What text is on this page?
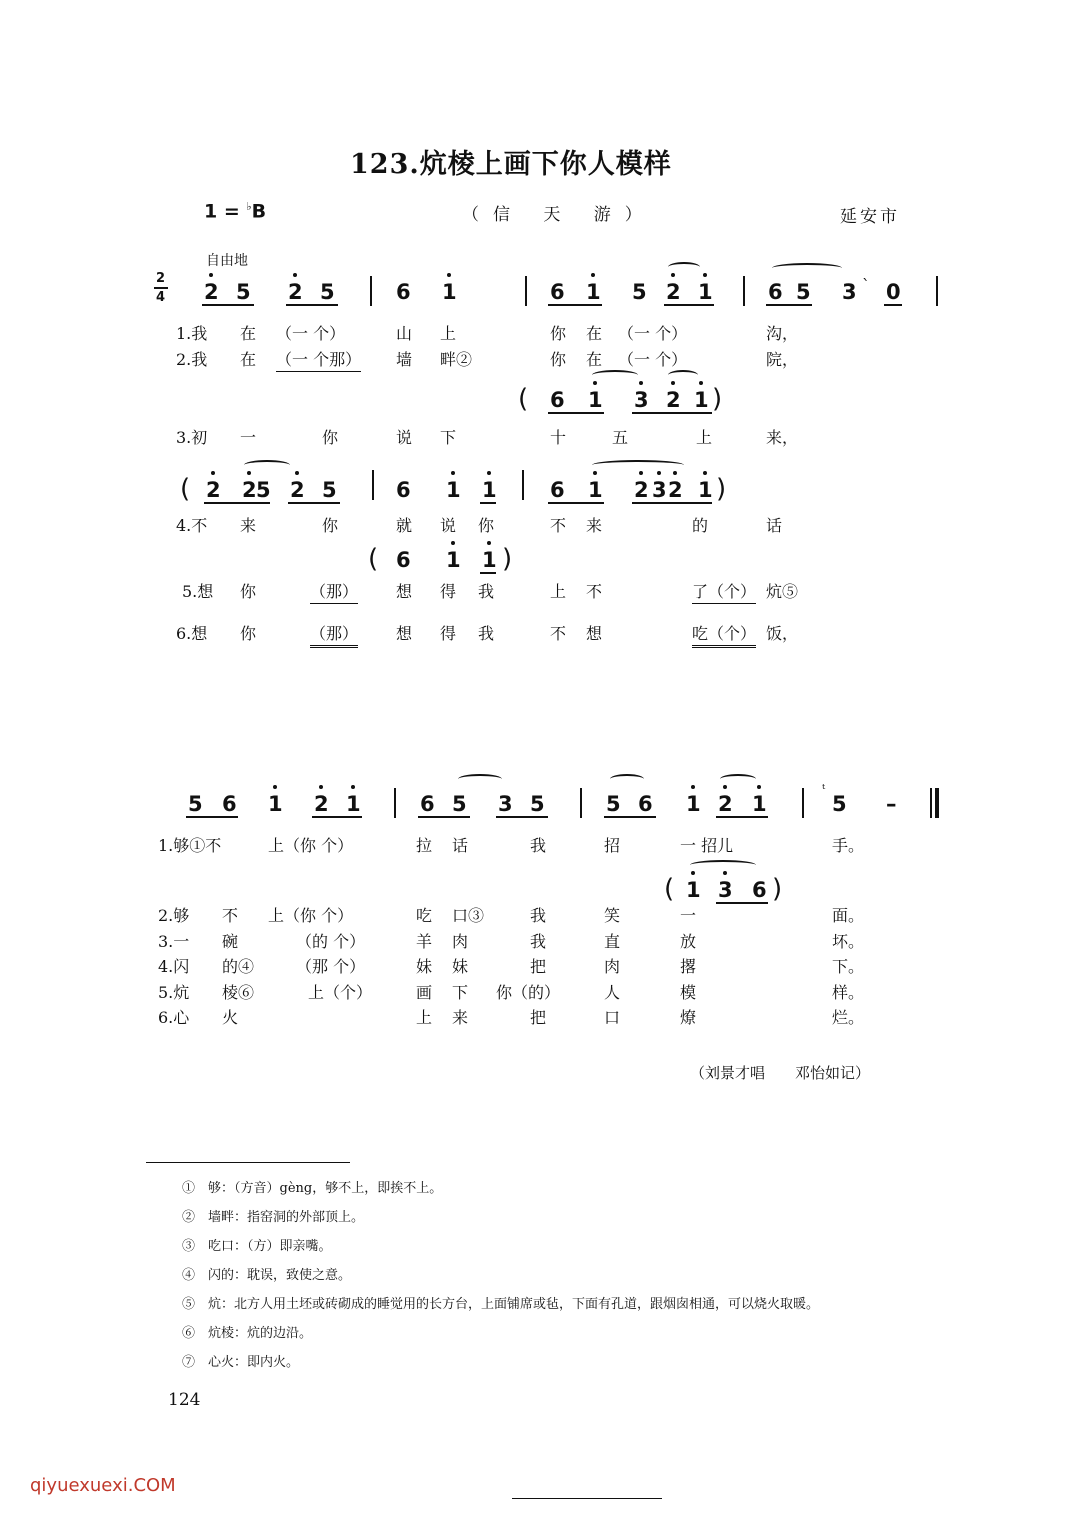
123.炕棱上画下你人模样
1 = ♭B	（信 天 游）	延安市
自由地
2
4 2 5 2 5	6 1	6 1 5 2 1	6 5 3 ˋ 0
1.我 在 （一 个）	山 上	你 在 （一 个）	沟，
2.我 在 （一 个那） 墙 畔②	你 在 （一 个）	院，
( 6 1 3 2 1 )
3.初 一	你	说 下	十	五	上	来，
( 2 2 5 2 5	6 1 1	6 1 2 3 2 1 )
4.不 来	你	就 说 你	不 来	的	话
( 6 1 1 )
5.想 你	（那） 想 得 我	上 不	了（个） 炕⑤
6.想 你	（那） 想 得 我	不 想	吃（个） 饭，
5 6 1 2 1	6 5 3 5	5 6 1 2 1
ᵗ
5 –
1.够①不	上（你 个）	拉 话	我	招	一 招儿	手。
( 1 3 6 )
2.够 不 上（你 个）	吃 口③	我	笑	一	面。
3.一 碗	（的 个）	羊 肉	我	直	放	坏。
4.闪 的④	（那 个）	妹 妹	把	肉	撂	下。
5.炕 棱⑥	上（个）	画 下 你（的）	人	模	样。
6.心 火	上 来	把	口	燎	烂。
（刘景才唱　　邓怡如记）
①　够：（方音）gèng，够不上，即挨不上。
②　墙畔：指窑洞的外部顶上。
③　吃口：（方）即亲嘴。
④　闪的：耽误，致使之意。
⑤　炕：北方人用土坯或砖砌成的睡觉用的长方台，上面铺席或毡，下面有孔道，跟烟囱相通，可以烧火取暖。
⑥　炕棱：炕的边沿。
⑦　心火：即内火。
124
qiyuexuexi.COM
